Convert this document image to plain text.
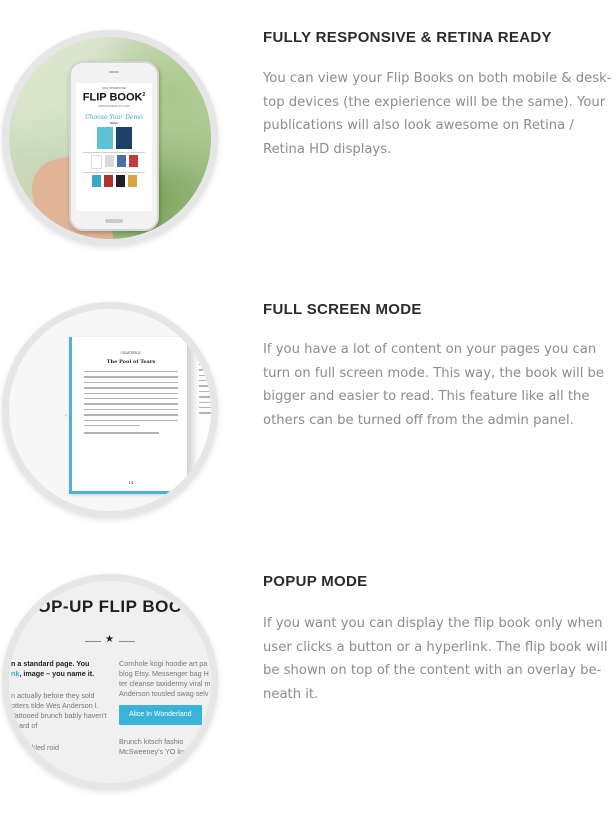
MULTIPURPOSE
FLIP BOOK$^2$
WORDPRESS PLUGIN
Choose Your Demo
MENU
FULLY RESPONSIVE & RETINA READY

You can view your Flip Books on both mobile & desk-top devices (the expierience will be the same). Your publications will also look awesome on Retina / Retina HD displays.

‹
CHAPTER II.
The Pool of Tears
14
FULL SCREEN MODE

If you have a lot of content on your pages you can turn on full screen mode. This way, the book will be bigger and easier to read. This feature like all the others can be turned off from the admin panel.

OP-UP FLIP BOO
★
n a standard page. You
nk, image – you name it.
n actually before they sold otters tilde Wes Anderson l. Tattooed brunch bably haven't heard of
led pickled roid
Cornhole kogi hoodie art pa blog Etsy. Messenger bag H ter cleanse taxidermy viral m Anderson tousled swag selv
Alice In Wonderland
Brunch kitsch fashio McSweeney's YO lomo Portl
POPUP MODE

If you want you can display the flip book only when user clicks a button or a hyperlink. The flip book will be shown on top of the content with an overlay be-neath it.
